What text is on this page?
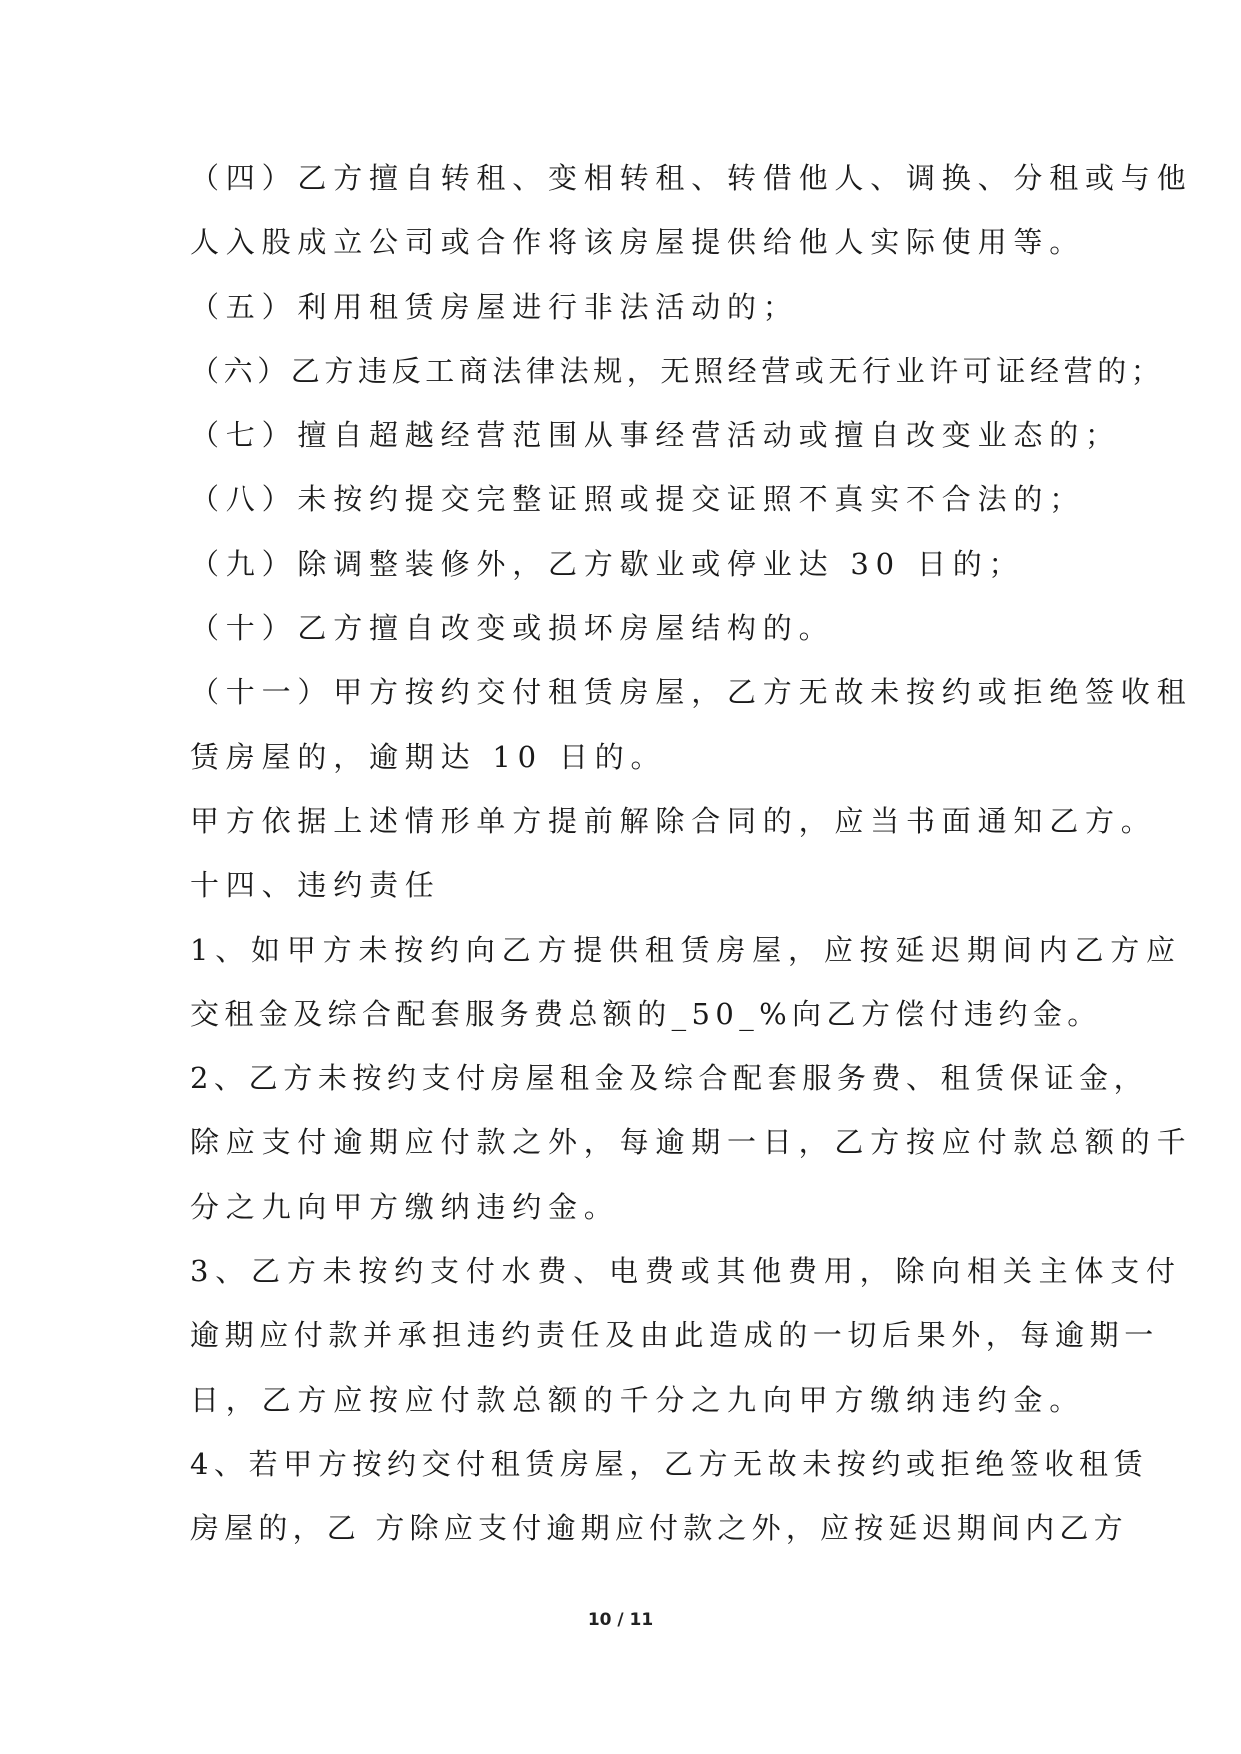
（四）乙方擅自转租、变相转租、转借他人、调换、分租或与他
人入股成立公司或合作将该房屋提供给他人实际使用等。
（五）利用租赁房屋进行非法活动的；
（六）乙方违反工商法律法规，无照经营或无行业许可证经营的；
（七）擅自超越经营范围从事经营活动或擅自改变业态的；
（八）未按约提交完整证照或提交证照不真实不合法的；
（九）除调整装修外，乙方歇业或停业达 30 日的；
（十）乙方擅自改变或损坏房屋结构的。
（十一）甲方按约交付租赁房屋，乙方无故未按约或拒绝签收租
赁房屋的，逾期达 10 日的。
甲方依据上述情形单方提前解除合同的，应当书面通知乙方。
十四、违约责任
1、如甲方未按约向乙方提供租赁房屋，应按延迟期间内乙方应
交租金及综合配套服务费总额的_50_%向乙方偿付违约金。
2、乙方未按约支付房屋租金及综合配套服务费、租赁保证金，
除应支付逾期应付款之外，每逾期一日，乙方按应付款总额的千
分之九向甲方缴纳违约金。
3、乙方未按约支付水费、电费或其他费用，除向相关主体支付
逾期应付款并承担违约责任及由此造成的一切后果外，每逾期一
日，乙方应按应付款总额的千分之九向甲方缴纳违约金。
4、若甲方按约交付租赁房屋，乙方无故未按约或拒绝签收租赁
房屋的，乙 方除应支付逾期应付款之外，应按延迟期间内乙方
10 / 11
